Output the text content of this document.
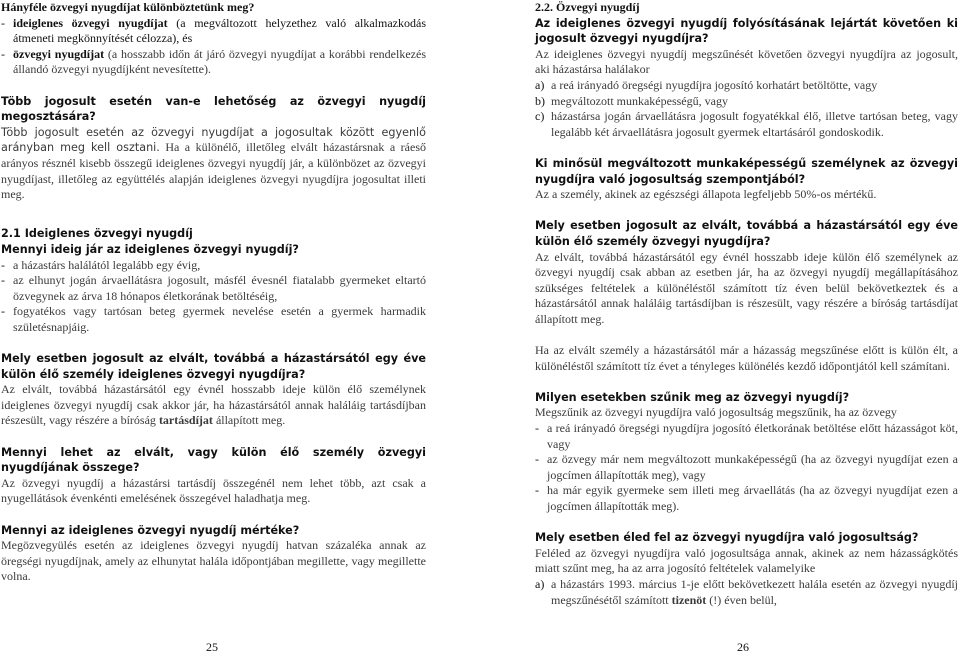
Hányféle özvegyi nyugdíjat különböztetünk meg?

- ideiglenes özvegyi nyugdíjat (a megváltozott helyzethez való alkalmazkodás átmeneti megkönnyítését célozza), és
- özvegyi nyugdíjat (a hosszabb időn át járó özvegyi nyugdíjat a korábbi rendelkezés állandó özvegyi nyugdíjként nevesítette).

Több jogosult esetén van-e lehetőség az özvegyi nyugdíj megosztására?

Több jogosult esetén az özvegyi nyugdíjat a jogosultak között egyenlő arányban meg kell osztani. Ha a különélő, illetőleg elvált házastársnak a ráeső arányos résznél kisebb összegű ideiglenes özvegyi nyugdíj jár, a különbözet az özvegyi nyugdíjast, illetőleg az együttélés alapján ideiglenes özvegyi nyugdíjra jogosultat illeti meg.

2.1 Ideiglenes özvegyi nyugdíj

Mennyi ideig jár az ideiglenes özvegyi nyugdíj?

- a házastárs halálától legalább egy évig,
- az elhunyt jogán árvaellátásra jogosult, másfél évesnél fiatalabb gyermeket eltartó özvegynek az árva 18 hónapos életkorának betöltéséig,
- fogyatékos vagy tartósan beteg gyermek nevelése esetén a gyermek harmadik születésnapjáig.

Mely esetben jogosult az elvált, továbbá a házastársától egy éve külön élő személy ideiglenes özvegyi nyugdíjra?

Az elvált, továbbá házastársától egy évnél hosszabb ideje külön élő személynek ideiglenes özvegyi nyugdíj csak akkor jár, ha házastársától annak haláláig tartásdíjban részesült, vagy részére a bíróság tartásdíjat állapított meg.

Mennyi lehet az elvált, vagy külön élő személy özvegyi nyugdíjának összege?

Az özvegyi nyugdíj a házastársi tartásdíj összegénél nem lehet több, azt csak a nyugellátások évenkénti emelésének összegével haladhatja meg.

Mennyi az ideiglenes özvegyi nyugdíj mértéke?

Megözvegyülés esetén az ideiglenes özvegyi nyugdíj hatvan százaléka annak az öregségi nyugdíjnak, amely az elhunytat halála időpontjában megillette, vagy megillette volna.

25

2.2. Özvegyi nyugdíj

Az ideiglenes özvegyi nyugdíj folyósításának lejártát követően ki jogosult özvegyi nyugdíjra?

Az ideiglenes özvegyi nyugdíj megszűnését követően özvegyi nyugdíjra az jogosult, aki házastársa halálakor

a) a reá irányadó öregségi nyugdíjra jogosító korhatárt betöltötte, vagy
b) megváltozott munkaképességű, vagy
c) házastársa jogán árvaellátásra jogosult fogyatékkal élő, illetve tartósan beteg, vagy legalább két árvaellátásra jogosult gyermek eltartásáról gondoskodik.

Ki minősül megváltozott munkaképességű személynek az özvegyi nyugdíjra való jogosultság szempontjából?

Az a személy, akinek az egészségi állapota legfeljebb 50%-os mértékű.

Mely esetben jogosult az elvált, továbbá a házastársától egy éve külön élő személy özvegyi nyugdíjra?

Az elvált, továbbá házastársától egy évnél hosszabb ideje külön élő személynek az özvegyi nyugdíj csak abban az esetben jár, ha az özvegyi nyugdíj megállapításához szükséges feltételek a különéléstől számított tíz éven belül bekövetkeztek és a házastársától annak haláláig tartásdíjban is részesült, vagy részére a bíróság tartásdíjat állapított meg.

Ha az elvált személy a házastársától már a házasság megszűnése előtt is külön élt, a különéléstől számított tíz évet a tényleges különélés kezdő időpontjától kell számítani.

Milyen esetekben szűnik meg az özvegyi nyugdíj?

Megszűnik az özvegyi nyugdíjra való jogosultság megszűnik, ha az özvegy

- a reá irányadó öregségi nyugdíjra jogosító életkorának betöltése előtt házasságot köt, vagy
- az özvegy már nem megváltozott munkaképességű (ha az özvegyi nyugdíjat ezen a jogcímen állapították meg), vagy
- ha már egyik gyermeke sem illeti meg árvaellátás (ha az özvegyi nyugdíjat ezen a jogcímen állapították meg).

Mely esetben éled fel az özvegyi nyugdíjra való jogosultság?

Feléled az özvegyi nyugdíjra való jogosultsága annak, akinek az nem házasságkötés miatt szűnt meg, ha az arra jogosító feltételek valamelyike

a) a házastárs 1993. március 1-je előtt bekövetkezett halála esetén az özvegyi nyugdíj megszűnésétől számított tizenöt (!) éven belül,
26
